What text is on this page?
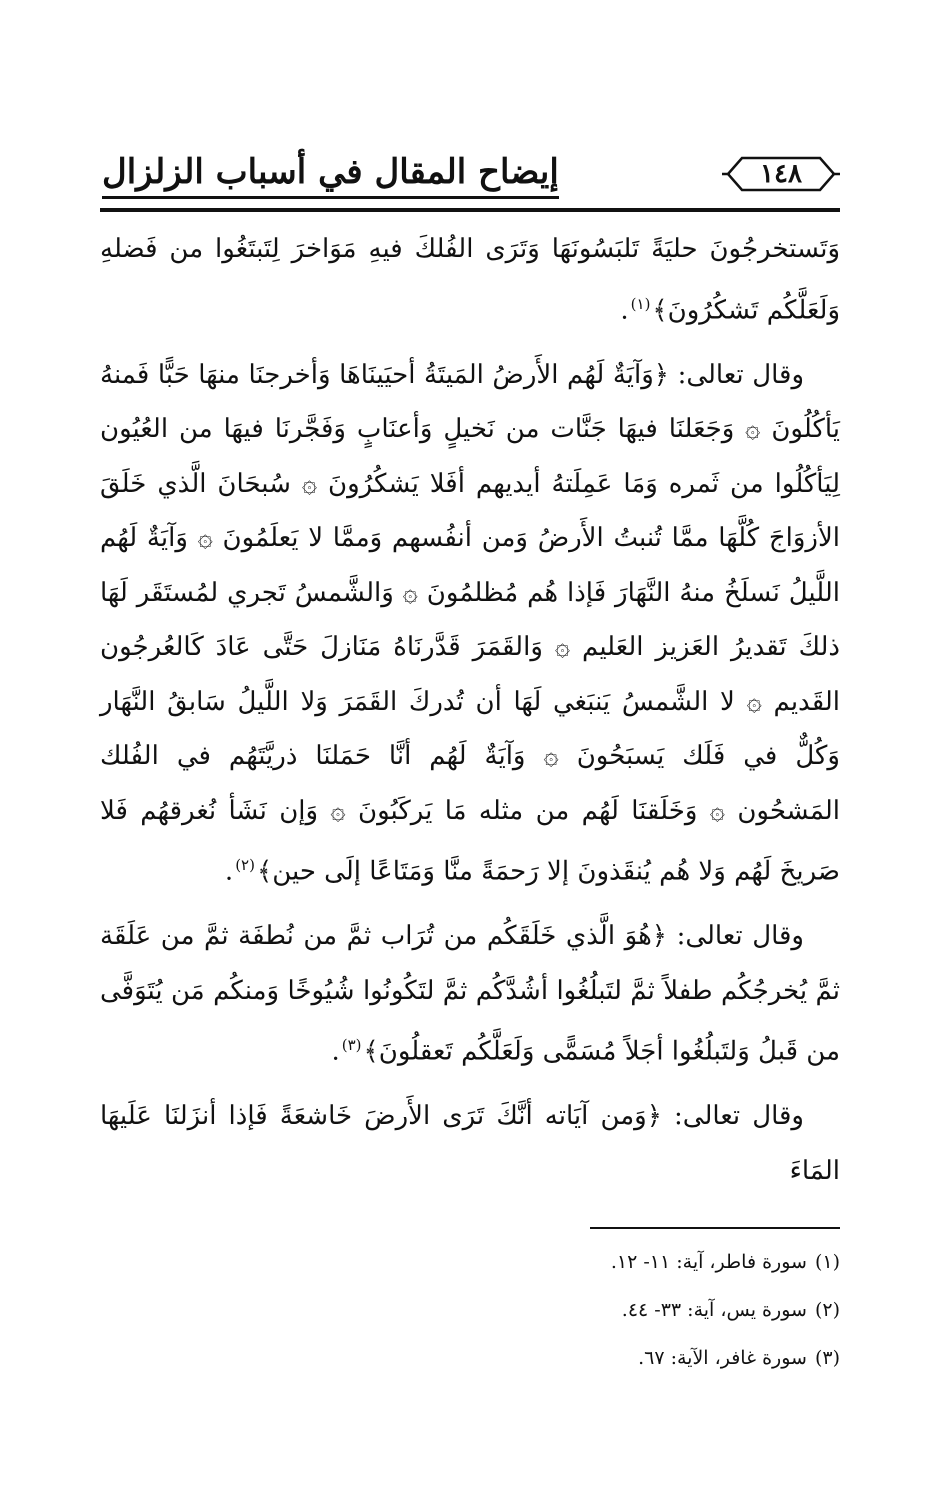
١٤٨
إيضاح المقال في أسباب الزلزال

وَتَستخرجُونَ حليَةً تَلبَسُونَهَا وَتَرَى الفُلكَ فيهِ مَوَاخرَ لِتَبتَغُوا من فَضلهِ وَلَعَلَّكُم تَشكُرُونَ﴾$^{(١)}$.

وقال تعالى: ﴿وَآيَةٌ لَهُم الأَرضُ المَيتَةُ أحيَينَاهَا وَأخرجنَا منهَا حَبًّا فَمنهُ يَأكُلُونَ ۞ وَجَعَلنَا فيهَا جَنَّات من نَخيلٍ وَأعنَابٍ وَفَجَّرنَا فيهَا من العُيُون لِيَأكُلُوا من ثَمره وَمَا عَمِلَتهُ أيديهم أفَلا يَشكُرُونَ ۞ سُبحَانَ الَّذي خَلَقَ الأزوَاجَ كُلَّهَا ممَّا تُنبتُ الأَرضُ وَمن أنفُسهم وَممَّا لا يَعلَمُونَ ۞ وَآيَةٌ لَهُم اللَّيلُ نَسلَخُ منهُ النَّهَارَ فَإذا هُم مُظلمُونَ ۞ وَالشَّمسُ تَجري لمُستَقَر لَهَا ذلكَ تَقديرُ العَزيز العَليم ۞ وَالقَمَرَ قَدَّرنَاهُ مَنَازلَ حَتَّى عَادَ كَالعُرجُون القَديم ۞ لا الشَّمسُ يَنبَغي لَهَا أن تُدركَ القَمَرَ وَلا اللَّيلُ سَابقُ النَّهَار وَكُلٌّ في فَلَك يَسبَحُونَ ۞ وَآيَةٌ لَهُم أنَّا حَمَلنَا ذريَّتَهُم في الفُلك المَشحُون ۞ وَخَلَقنَا لَهُم من مثله مَا يَركَبُونَ ۞ وَإن نَشَأ نُغرقهُم فَلا صَريخَ لَهُم وَلا هُم يُنقَذونَ إلا رَحمَةً منَّا وَمَتَاعًا إلَى حين﴾$^{(٢)}$.

وقال تعالى: ﴿هُوَ الَّذي خَلَقَكُم من تُرَاب ثمَّ من نُطفَة ثمَّ من عَلَقَة ثمَّ يُخرجُكُم طفلاً ثمَّ لتَبلُغُوا أشُدَّكُم ثمَّ لتَكُونُوا شُيُوخًا وَمنكُم مَن يُتَوَفَّى من قَبلُ وَلتَبلُغُوا أجَلاً مُسَمًّى وَلَعَلَّكُم تَعقلُونَ﴾$^{(٣)}$.

وقال تعالى: ﴿وَمن آيَاته أنَّكَ تَرَى الأَرضَ خَاشعَةً فَإذا أنزَلنَا عَلَيهَا المَاءَ

(١)سورة فاطر، آية: ١١- ١٢.
(٢)سورة يس، آية: ٣٣- ٤٤.
(٣)سورة غافر، الآية: ٦٧.
